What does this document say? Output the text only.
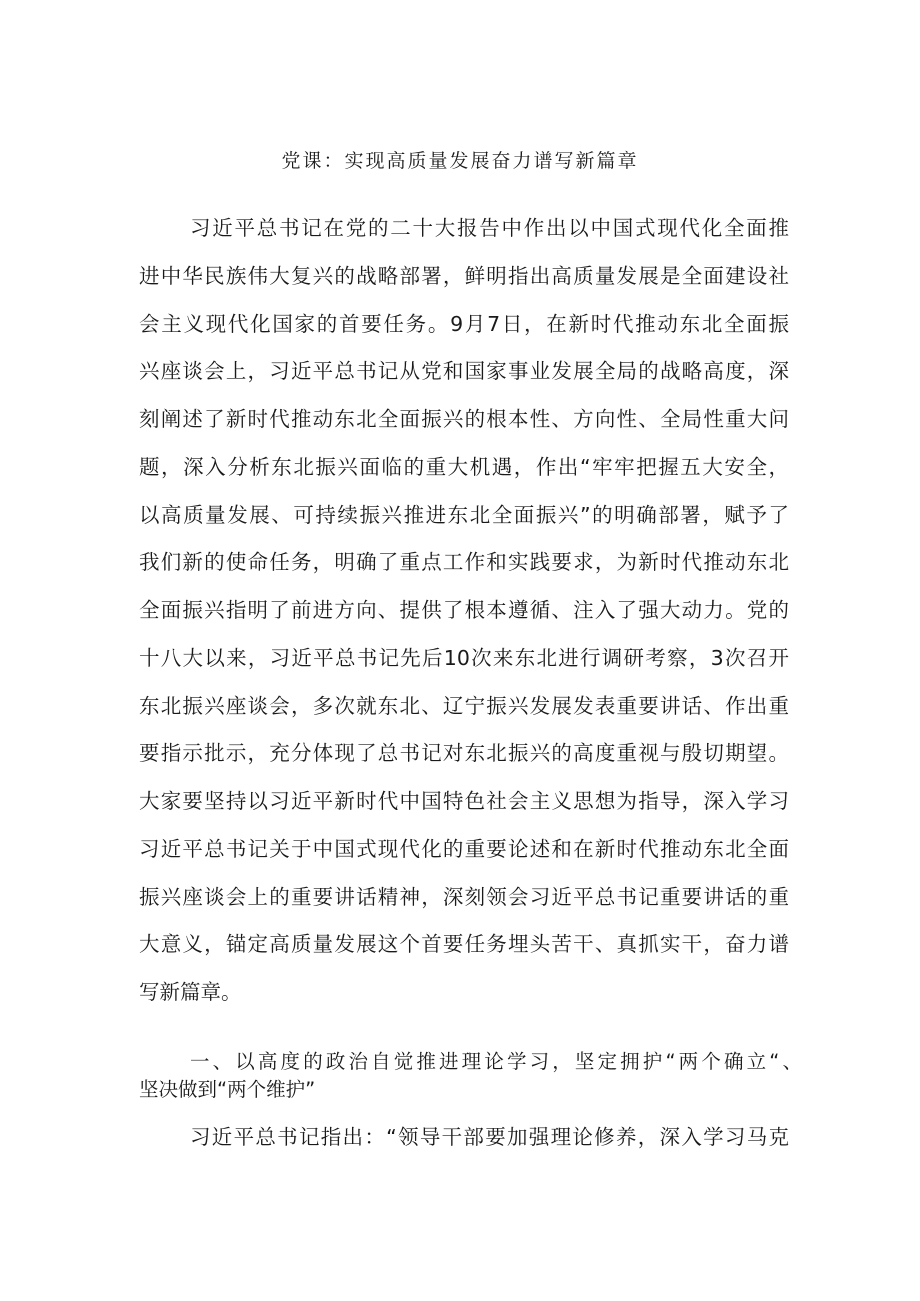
党课：实现高质量发展奋力谱写新篇章
习近平总书记在党的二十大报告中作出以中国式现代化全面推
进中华民族伟大复兴的战略部署，鲜明指出高质量发展是全面建设社
会主义现代化国家的首要任务。9月7日，在新时代推动东北全面振
兴座谈会上，习近平总书记从党和国家事业发展全局的战略高度，深
刻阐述了新时代推动东北全面振兴的根本性、方向性、全局性重大问
题，深入分析东北振兴面临的重大机遇，作出“牢牢把握五大安全，
以高质量发展、可持续振兴推进东北全面振兴”的明确部署，赋予了
我们新的使命任务，明确了重点工作和实践要求，为新时代推动东北
全面振兴指明了前进方向、提供了根本遵循、注入了强大动力。党的
十八大以来，习近平总书记先后10次来东北进行调研考察，3次召开
东北振兴座谈会，多次就东北、辽宁振兴发展发表重要讲话、作出重
要指示批示，充分体现了总书记对东北振兴的高度重视与殷切期望。
大家要坚持以习近平新时代中国特色社会主义思想为指导，深入学习
习近平总书记关于中国式现代化的重要论述和在新时代推动东北全面
振兴座谈会上的重要讲话精神，深刻领会习近平总书记重要讲话的重
大意义，锚定高质量发展这个首要任务埋头苦干、真抓实干，奋力谱
写新篇章。
一、以高度的政治自觉推进理论学习，坚定拥护“两个确立“、
坚决做到“两个维护”
习近平总书记指出：“领导干部要加强理论修养，深入学习马克
